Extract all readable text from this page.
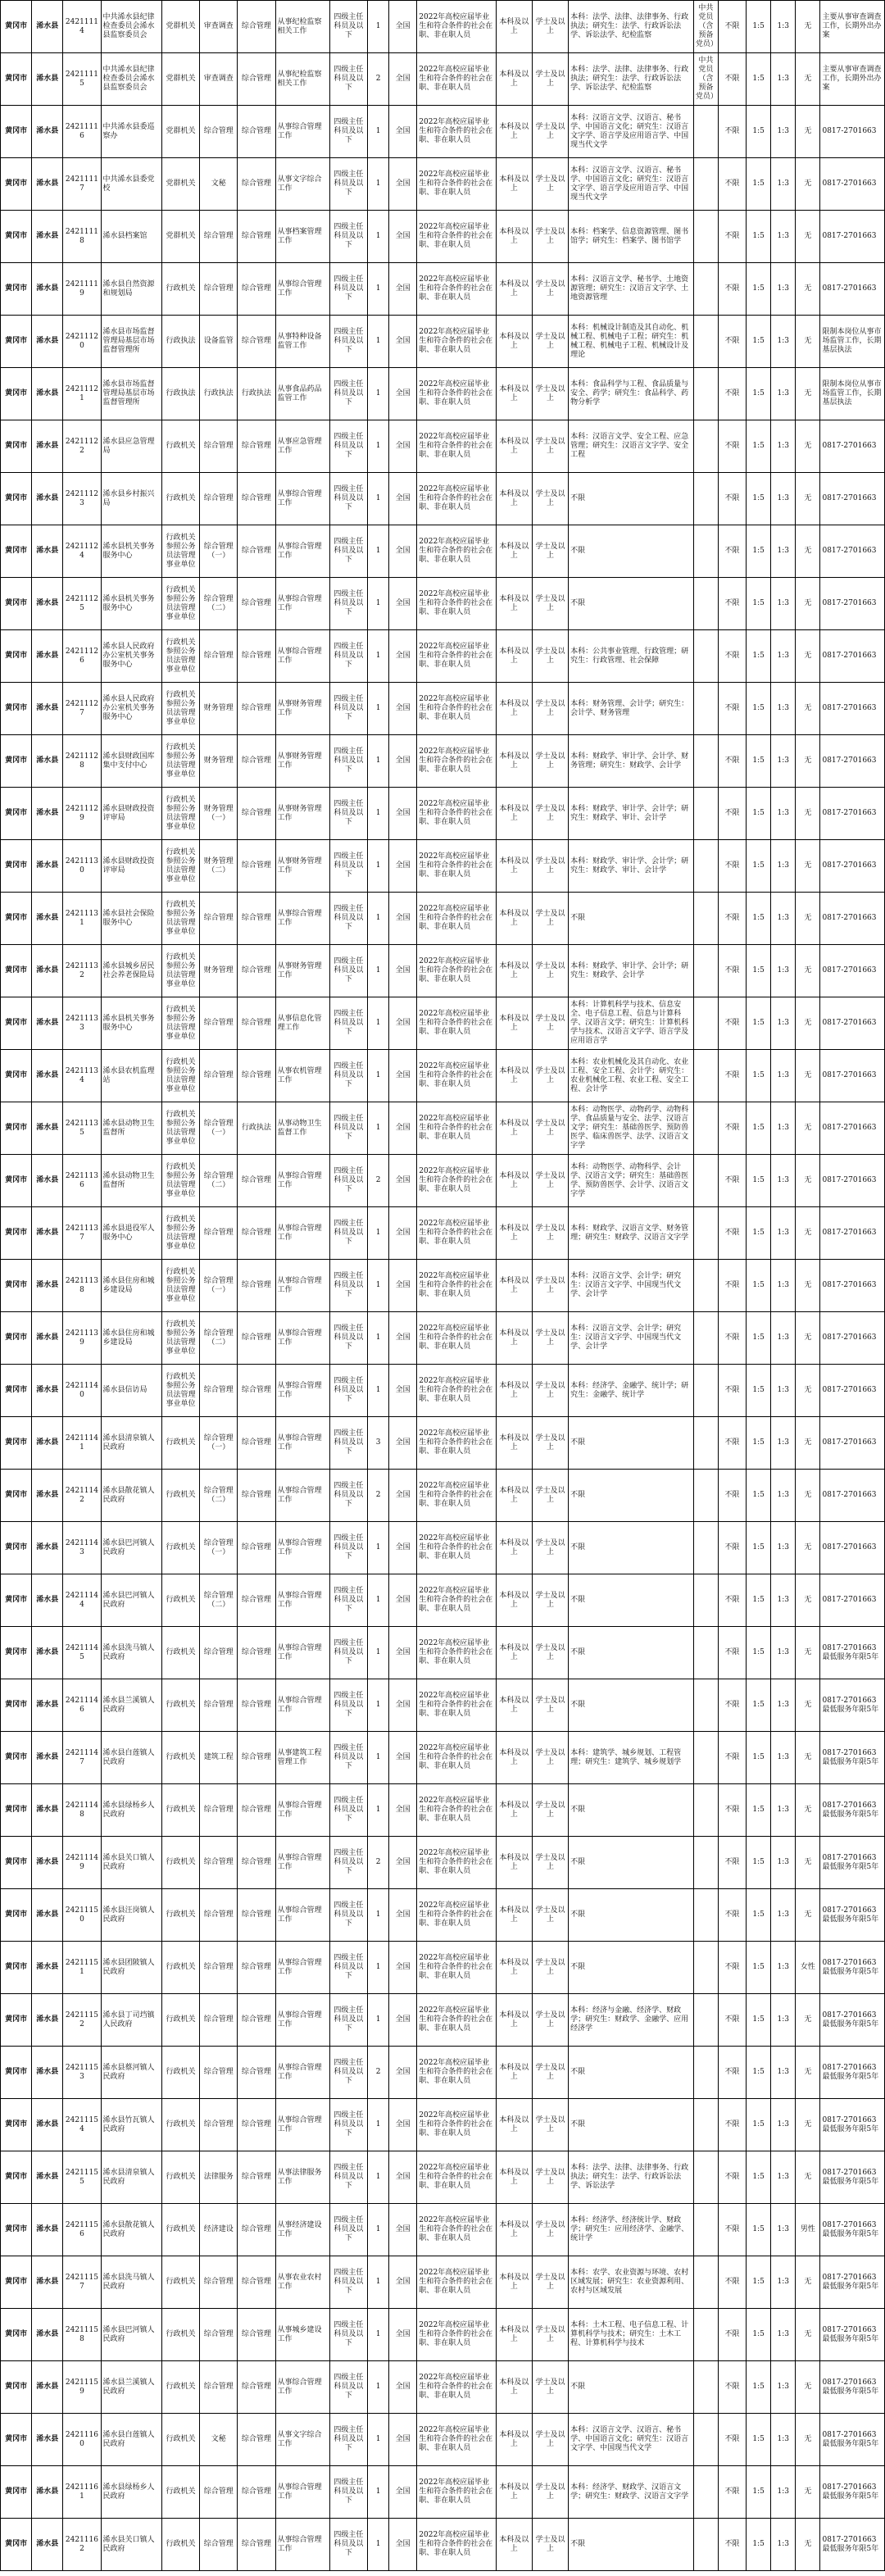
黄冈市	浠水县	24211114	中共浠水县纪律检查委员会浠水县监察委员会	党群机关	审查调查	综合管理	从事纪检监察相关工作	四级主任科员及以下	1	全国	2022年高校应届毕业生和符合条件的社会在职、非在职人员	本科及以上	学士及以上	本科：法学、法律、法律事务、行政执法；研究生：法学、行政诉讼法学、诉讼法学、纪检监察	中共党员（含预备党员）	不限	1:5	1:3	无	主要从事审查调查工作，长期外出办案
黄冈市	浠水县	24211115	中共浠水县纪律检查委员会浠水县监察委员会	党群机关	审查调查	综合管理	从事纪检监察相关工作	四级主任科员及以下	2	全国	2022年高校应届毕业生和符合条件的社会在职、非在职人员	本科及以上	学士及以上	本科：法学、法律、法律事务、行政执法；研究生：法学、行政诉讼法学、诉讼法学、纪检监察	中共党员（含预备党员）	不限	1:5	1:3	无	主要从事审查调查工作，长期外出办案
黄冈市	浠水县	24211116	中共浠水县委巡察办	党群机关	综合管理	综合管理	从事综合管理工作	四级主任科员及以下	1	全国	2022年高校应届毕业生和符合条件的社会在职、非在职人员	本科及以上	学士及以上	本科：汉语言文学、汉语言、秘书学、中国语言文化；研究生：汉语言文字学、语言学及应用语言学、中国现当代文学		不限	1:5	1:3	无	0817-2701663
黄冈市	浠水县	24211117	中共浠水县委党校	党群机关	文秘	综合管理	从事文字综合工作	四级主任科员及以下	1	全国	2022年高校应届毕业生和符合条件的社会在职、非在职人员	本科及以上	学士及以上	本科：汉语言文学、汉语言、秘书学、中国语言文化；研究生：汉语言文字学、语言学及应用语言学、中国现当代文学		不限	1:5	1:3	无	0817-2701663
黄冈市	浠水县	24211118	浠水县档案馆	党群机关	综合管理	综合管理	从事档案管理工作	四级主任科员及以下	1	全国	2022年高校应届毕业生和符合条件的社会在职、非在职人员	本科及以上	学士及以上	本科：档案学、信息资源管理、图书馆学；研究生：档案学、图书馆学		不限	1:5	1:3	无	0817-2701663
黄冈市	浠水县	24211119	浠水县自然资源和规划局	行政机关	综合管理	综合管理	从事综合管理工作	四级主任科员及以下	1	全国	2022年高校应届毕业生和符合条件的社会在职、非在职人员	本科及以上	学士及以上	本科：汉语言文学、秘书学、土地资源管理；研究生：汉语言文字学、土地资源管理		不限	1:5	1:3	无	0817-2701663
黄冈市	浠水县	24211120	浠水县市场监督管理局基层市场监督管理所	行政执法	设备监管	综合管理	从事特种设备监管工作	四级主任科员及以下	1	全国	2022年高校应届毕业生和符合条件的社会在职、非在职人员	本科及以上	学士及以上	本科：机械设计制造及其自动化、机械工程、机械电子工程；研究生：机械工程、机械电子工程、机械设计及理论		不限	1:5	1:3	无	限制本岗位从事市场监管工作，长期基层执法
黄冈市	浠水县	24211121	浠水县市场监督管理局基层市场监督管理所	行政执法	行政执法	行政执法	从事食品药品监管工作	四级主任科员及以下	1	全国	2022年高校应届毕业生和符合条件的社会在职、非在职人员	本科及以上	学士及以上	本科：食品科学与工程、食品质量与安全、药学；研究生：食品科学、药物分析学		不限	1:5	1:3	无	限制本岗位从事市场监管工作，长期基层执法
黄冈市	浠水县	24211122	浠水县应急管理局	行政机关	综合管理	综合管理	从事应急管理工作	四级主任科员及以下	1	全国	2022年高校应届毕业生和符合条件的社会在职、非在职人员	本科及以上	学士及以上	本科：汉语言文学、安全工程、应急管理；研究生：汉语言文字学、安全工程		不限	1:5	1:3	无	0817-2701663
黄冈市	浠水县	24211123	浠水县乡村振兴局	行政机关	综合管理	综合管理	从事综合管理工作	四级主任科员及以下	1	全国	2022年高校应届毕业生和符合条件的社会在职、非在职人员	本科及以上	学士及以上	不限		不限	1:5	1:3	无	0817-2701663
黄冈市	浠水县	24211124	浠水县机关事务服务中心	行政机关参照公务员法管理事业单位	综合管理（一）	综合管理	从事综合管理工作	四级主任科员及以下	1	全国	2022年高校应届毕业生和符合条件的社会在职、非在职人员	本科及以上	学士及以上	不限		不限	1:5	1:3	无	0817-2701663
黄冈市	浠水县	24211125	浠水县机关事务服务中心	行政机关参照公务员法管理事业单位	综合管理（二）	综合管理	从事综合管理工作	四级主任科员及以下	1	全国	2022年高校应届毕业生和符合条件的社会在职、非在职人员	本科及以上	学士及以上	不限		不限	1:5	1:3	无	0817-2701663
黄冈市	浠水县	24211126	浠水县人民政府办公室机关事务服务中心	行政机关参照公务员法管理事业单位	综合管理	综合管理	从事综合管理工作	四级主任科员及以下	1	全国	2022年高校应届毕业生和符合条件的社会在职、非在职人员	本科及以上	学士及以上	本科：公共事业管理、行政管理；研究生：行政管理、社会保障		不限	1:5	1:3	无	0817-2701663
黄冈市	浠水县	24211127	浠水县人民政府办公室机关事务服务中心	行政机关参照公务员法管理事业单位	财务管理	综合管理	从事财务管理工作	四级主任科员及以下	1	全国	2022年高校应届毕业生和符合条件的社会在职、非在职人员	本科及以上	学士及以上	本科：财务管理、会计学；研究生：会计学、财务管理		不限	1:5	1:3	无	0817-2701663
黄冈市	浠水县	24211128	浠水县财政国库集中支付中心	行政机关参照公务员法管理事业单位	财务管理	综合管理	从事财务管理工作	四级主任科员及以下	1	全国	2022年高校应届毕业生和符合条件的社会在职、非在职人员	本科及以上	学士及以上	本科：财政学、审计学、会计学、财务管理；研究生：财政学、会计学		不限	1:5	1:3	无	0817-2701663
黄冈市	浠水县	24211129	浠水县财政投资评审局	行政机关参照公务员法管理事业单位	财务管理（一）	综合管理	从事财务管理工作	四级主任科员及以下	1	全国	2022年高校应届毕业生和符合条件的社会在职、非在职人员	本科及以上	学士及以上	本科：财政学、审计学、会计学；研究生：财政学、审计、会计学		不限	1:5	1:3	无	0817-2701663
黄冈市	浠水县	24211130	浠水县财政投资评审局	行政机关参照公务员法管理事业单位	财务管理（二）	综合管理	从事财务管理工作	四级主任科员及以下	1	全国	2022年高校应届毕业生和符合条件的社会在职、非在职人员	本科及以上	学士及以上	本科：财政学、审计学、会计学；研究生：财政学、审计、会计学		不限	1:5	1:3	无	0817-2701663
黄冈市	浠水县	24211131	浠水县社会保险服务中心	行政机关参照公务员法管理事业单位	综合管理	综合管理	从事综合管理工作	四级主任科员及以下	1	全国	2022年高校应届毕业生和符合条件的社会在职、非在职人员	本科及以上	学士及以上	不限		不限	1:5	1:3	无	0817-2701663
黄冈市	浠水县	24211132	浠水县城乡居民社会养老保险局	行政机关参照公务员法管理事业单位	财务管理	综合管理	从事财务管理工作	四级主任科员及以下	1	全国	2022年高校应届毕业生和符合条件的社会在职、非在职人员	本科及以上	学士及以上	本科：财政学、审计学、会计学；研究生：财政学、会计学		不限	1:5	1:3	无	0817-2701663
黄冈市	浠水县	24211133	浠水县机关事务服务中心	行政机关参照公务员法管理事业单位	综合管理	综合管理	从事信息化管理工作	四级主任科员及以下	1	全国	2022年高校应届毕业生和符合条件的社会在职、非在职人员	本科及以上	学士及以上	本科：计算机科学与技术、信息安全、电子信息工程、信息与计算科学、汉语言文学；研究生：计算机科学与技术、汉语言文字学、语言学及应用语言学		不限	1:5	1:3	无	0817-2701663
黄冈市	浠水县	24211134	浠水县农机监理站	行政机关参照公务员法管理事业单位	综合管理	综合管理	从事农机管理工作	四级主任科员及以下	1	全国	2022年高校应届毕业生和符合条件的社会在职、非在职人员	本科及以上	学士及以上	本科：农业机械化及其自动化、农业工程、安全工程、会计学；研究生：农业机械化工程、农业工程、安全工程、会计学		不限	1:5	1:3	无	0817-2701663
黄冈市	浠水县	24211135	浠水县动物卫生监督所	行政机关参照公务员法管理事业单位	综合管理（一）	行政执法	从事动物卫生监督工作	四级主任科员及以下	1	全国	2022年高校应届毕业生和符合条件的社会在职、非在职人员	本科及以上	学士及以上	本科：动物医学、动物药学、动物科学、食品质量与安全、法学、汉语言文学；研究生：基础兽医学、预防兽医学、临床兽医学、法学、汉语言文字学		不限	1:5	1:3	无	0817-2701663
黄冈市	浠水县	24211136	浠水县动物卫生监督所	行政机关参照公务员法管理事业单位	综合管理（二）	综合管理	从事综合管理工作	四级主任科员及以下	2	全国	2022年高校应届毕业生和符合条件的社会在职、非在职人员	本科及以上	学士及以上	本科：动物医学、动物科学、会计学、汉语言文学；研究生：基础兽医学、预防兽医学、会计学、汉语言文字学		不限	1:5	1:3	无	0817-2701663
黄冈市	浠水县	24211137	浠水县退役军人服务中心	行政机关参照公务员法管理事业单位	综合管理	综合管理	从事综合管理工作	四级主任科员及以下	1	全国	2022年高校应届毕业生和符合条件的社会在职、非在职人员	本科及以上	学士及以上	本科：财政学、汉语言文学、财务管理；研究生：财政学、汉语言文字学		不限	1:5	1:3	无	0817-2701663
黄冈市	浠水县	24211138	浠水县住房和城乡建设局	行政机关参照公务员法管理事业单位	综合管理（一）	综合管理	从事综合管理工作	四级主任科员及以下	1	全国	2022年高校应届毕业生和符合条件的社会在职、非在职人员	本科及以上	学士及以上	本科：汉语言文学、会计学；研究生：汉语言文字学、中国现当代文学、会计学		不限	1:5	1:3	无	0817-2701663
黄冈市	浠水县	24211139	浠水县住房和城乡建设局	行政机关参照公务员法管理事业单位	综合管理（二）	综合管理	从事综合管理工作	四级主任科员及以下	1	全国	2022年高校应届毕业生和符合条件的社会在职、非在职人员	本科及以上	学士及以上	本科：汉语言文学、会计学；研究生：汉语言文字学、中国现当代文学、会计学		不限	1:5	1:3	无	0817-2701663
黄冈市	浠水县	24211140	浠水县信访局	行政机关参照公务员法管理事业单位	综合管理	综合管理	从事综合管理工作	四级主任科员及以下	1	全国	2022年高校应届毕业生和符合条件的社会在职、非在职人员	本科及以上	学士及以上	本科：经济学、金融学、统计学；研究生：金融学、统计学		不限	1:5	1:3	无	0817-2701663
黄冈市	浠水县	24211141	浠水县清泉镇人民政府	行政机关	综合管理（一）	综合管理	从事综合管理工作	四级主任科员及以下	3	全国	2022年高校应届毕业生和符合条件的社会在职、非在职人员	本科及以上	学士及以上	不限		不限	1:5	1:3	无	0817-2701663
黄冈市	浠水县	24211142	浠水县散花镇人民政府	行政机关	综合管理（二）	综合管理	从事综合管理工作	四级主任科员及以下	2	全国	2022年高校应届毕业生和符合条件的社会在职、非在职人员	本科及以上	学士及以上	不限		不限	1:5	1:3	无	0817-2701663
黄冈市	浠水县	24211143	浠水县巴河镇人民政府	行政机关	综合管理（一）	综合管理	从事综合管理工作	四级主任科员及以下	1	全国	2022年高校应届毕业生和符合条件的社会在职、非在职人员	本科及以上	学士及以上	不限		不限	1:5	1:3	无	0817-2701663
黄冈市	浠水县	24211144	浠水县巴河镇人民政府	行政机关	综合管理（二）	综合管理	从事综合管理工作	四级主任科员及以下	1	全国	2022年高校应届毕业生和符合条件的社会在职、非在职人员	本科及以上	学士及以上	不限		不限	1:5	1:3	无	0817-2701663
黄冈市	浠水县	24211145	浠水县洗马镇人民政府	行政机关	综合管理	综合管理	从事综合管理工作	四级主任科员及以下	1	全国	2022年高校应届毕业生和符合条件的社会在职、非在职人员	本科及以上	学士及以上	不限		不限	1:5	1:3	无	0817-2701663 最低服务年限5年
黄冈市	浠水县	24211146	浠水县兰溪镇人民政府	行政机关	综合管理	综合管理	从事综合管理工作	四级主任科员及以下	1	全国	2022年高校应届毕业生和符合条件的社会在职、非在职人员	本科及以上	学士及以上	不限		不限	1:5	1:3	无	0817-2701663 最低服务年限5年
黄冈市	浠水县	24211147	浠水县白莲镇人民政府	行政机关	建筑工程	综合管理	从事建筑工程管理工作	四级主任科员及以下	1	全国	2022年高校应届毕业生和符合条件的社会在职、非在职人员	本科及以上	学士及以上	本科：建筑学、城乡规划、工程管理；研究生：建筑学、城乡规划学		不限	1:5	1:3	无	0817-2701663 最低服务年限5年
黄冈市	浠水县	24211148	浠水县绿杨乡人民政府	行政机关	综合管理	综合管理	从事综合管理工作	四级主任科员及以下	1	全国	2022年高校应届毕业生和符合条件的社会在职、非在职人员	本科及以上	学士及以上	不限		不限	1:5	1:3	无	0817-2701663 最低服务年限5年
黄冈市	浠水县	24211149	浠水县关口镇人民政府	行政机关	综合管理	综合管理	从事综合管理工作	四级主任科员及以下	2	全国	2022年高校应届毕业生和符合条件的社会在职、非在职人员	本科及以上	学士及以上	不限		不限	1:5	1:3	无	0817-2701663 最低服务年限5年
黄冈市	浠水县	24211150	浠水县汪岗镇人民政府	行政机关	综合管理	综合管理	从事综合管理工作	四级主任科员及以下	1	全国	2022年高校应届毕业生和符合条件的社会在职、非在职人员	本科及以上	学士及以上	不限		不限	1:5	1:3	无	0817-2701663 最低服务年限5年
黄冈市	浠水县	24211151	浠水县团陂镇人民政府	行政机关	综合管理	综合管理	从事综合管理工作	四级主任科员及以下	1	全国	2022年高校应届毕业生和符合条件的社会在职、非在职人员	本科及以上	学士及以上	不限		不限	1:5	1:3	女性	0817-2701663 最低服务年限5年
黄冈市	浠水县	24211152	浠水县丁司垱镇人民政府	行政机关	综合管理	综合管理	从事综合管理工作	四级主任科员及以下	1	全国	2022年高校应届毕业生和符合条件的社会在职、非在职人员	本科及以上	学士及以上	本科：经济与金融、经济学、财政学；研究生：财政学、金融学、应用经济学		不限	1:5	1:3	无	0817-2701663 最低服务年限5年
黄冈市	浠水县	24211153	浠水县蔡河镇人民政府	行政机关	综合管理	综合管理	从事综合管理工作	四级主任科员及以下	2	全国	2022年高校应届毕业生和符合条件的社会在职、非在职人员	本科及以上	学士及以上	不限		不限	1:5	1:3	无	0817-2701663 最低服务年限5年
黄冈市	浠水县	24211154	浠水县竹瓦镇人民政府	行政机关	综合管理	综合管理	从事综合管理工作	四级主任科员及以下	1	全国	2022年高校应届毕业生和符合条件的社会在职、非在职人员	本科及以上	学士及以上	不限		不限	1:5	1:3	无	0817-2701663 最低服务年限5年
黄冈市	浠水县	24211155	浠水县清泉镇人民政府	行政机关	法律服务	综合管理	从事法律服务工作	四级主任科员及以下	1	全国	2022年高校应届毕业生和符合条件的社会在职、非在职人员	本科及以上	学士及以上	本科：法学、法律、法律事务、行政执法；研究生：法学、行政诉讼法学、诉讼法学		不限	1:5	1:3	无	0817-2701663 最低服务年限5年
黄冈市	浠水县	24211156	浠水县散花镇人民政府	行政机关	经济建设	综合管理	从事经济建设工作	四级主任科员及以下	1	全国	2022年高校应届毕业生和符合条件的社会在职、非在职人员	本科及以上	学士及以上	本科：经济学、经济统计学、财政学；研究生：应用经济学、金融学、统计学		不限	1:5	1:3	男性	0817-2701663 最低服务年限5年
黄冈市	浠水县	24211157	浠水县洗马镇人民政府	行政机关	综合管理	综合管理	从事农业农村工作	四级主任科员及以下	1	全国	2022年高校应届毕业生和符合条件的社会在职、非在职人员	本科及以上	学士及以上	本科：农学、农业资源与环境、农村区域发展；研究生：农业资源利用、农村与区域发展		不限	1:5	1:3	无	0817-2701663 最低服务年限5年
黄冈市	浠水县	24211158	浠水县巴河镇人民政府	行政机关	综合管理	综合管理	从事城乡建设工作	四级主任科员及以下	1	全国	2022年高校应届毕业生和符合条件的社会在职、非在职人员	本科及以上	学士及以上	本科：土木工程、电子信息工程、计算机科学与技术；研究生：土木工程、计算机科学与技术		不限	1:5	1:3	无	0817-2701663 最低服务年限5年
黄冈市	浠水县	24211159	浠水县兰溪镇人民政府	行政机关	综合管理	综合管理	从事综合管理工作	四级主任科员及以下	1	全国	2022年高校应届毕业生和符合条件的社会在职、非在职人员	本科及以上	学士及以上	不限		不限	1:5	1:3	无	0817-2701663 最低服务年限5年
黄冈市	浠水县	24211160	浠水县白莲镇人民政府	行政机关	文秘	综合管理	从事文字综合工作	四级主任科员及以下	1	全国	2022年高校应届毕业生和符合条件的社会在职、非在职人员	本科及以上	学士及以上	本科：汉语言文学、汉语言、秘书学、中国语言文化；研究生：汉语言文字学、中国现当代文学		不限	1:5	1:3	无	0817-2701663 最低服务年限5年
黄冈市	浠水县	24211161	浠水县绿杨乡人民政府	行政机关	综合管理	综合管理	从事综合管理工作	四级主任科员及以下	1	全国	2022年高校应届毕业生和符合条件的社会在职、非在职人员	本科及以上	学士及以上	本科：经济学、财政学、汉语言文学；研究生：财政学、汉语言文字学		不限	1:5	1:3	无	0817-2701663 最低服务年限5年
黄冈市	浠水县	24211162	浠水县关口镇人民政府	行政机关	综合管理	综合管理	从事综合管理工作	四级主任科员及以下	1	全国	2022年高校应届毕业生和符合条件的社会在职、非在职人员	本科及以上	学士及以上	不限		不限	1:5	1:3	无	0817-2701663 最低服务年限5年
